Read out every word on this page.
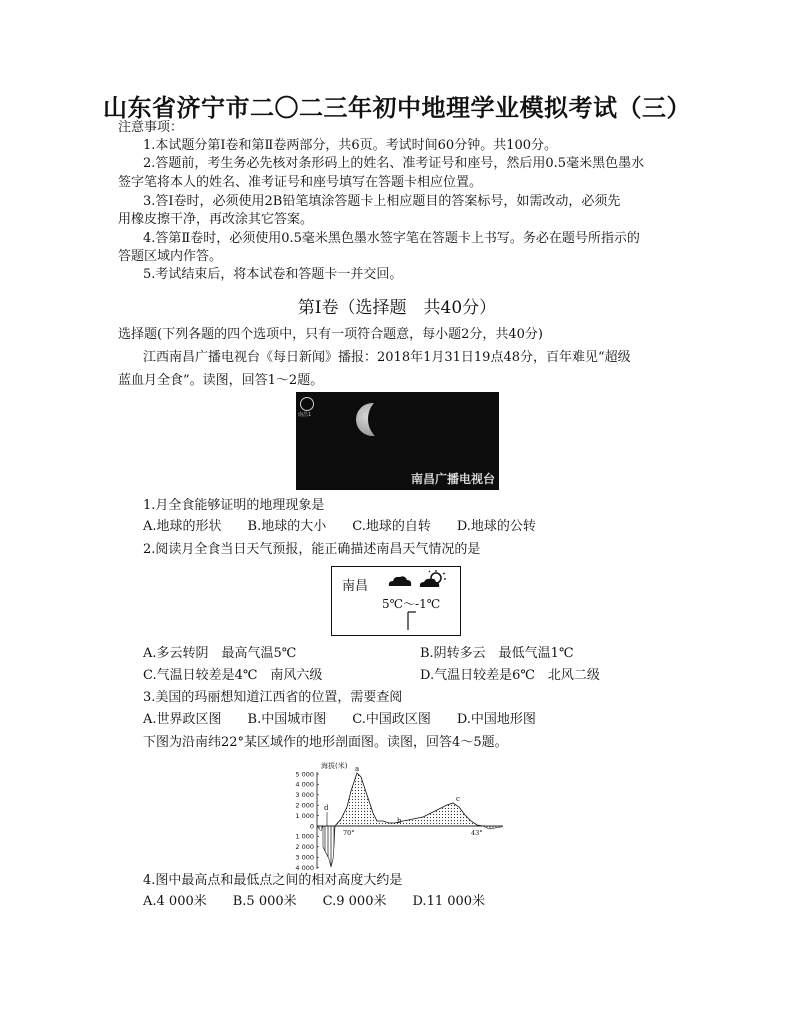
山东省济宁市二〇二三年初中地理学业模拟考试（三）
注意事项：
1.本试题分第Ⅰ卷和第Ⅱ卷两部分，共6页。考试时间60分钟。共100分。
2.答题前，考生务必先核对条形码上的姓名、准考证号和座号，然后用0.5毫米黑色墨水
签字笔将本人的姓名、准考证号和座号填写在答题卡相应位置。
3.答Ⅰ卷时，必须使用2B铅笔填涂答题卡上相应题目的答案标号，如需改动，必须先
用橡皮擦干净，再改涂其它答案。
4.答第Ⅱ卷时，必须使用0.5毫米黑色墨水签字笔在答题卡上书写。务必在题号所指示的
答题区域内作答。
5.考试结束后，将本试卷和答题卡一并交回。
第Ⅰ卷（选择题　共40分）
选择题(下列各题的四个选项中，只有一项符合题意，每小题2分，共40分)
江西南昌广播电视台《每日新闻》播报：2018年1月31日19点48分，百年难见“超级
蓝血月全食”。读图，回答1～2题。
南昌1
南昌广播电视台
1.月全食能够证明的地理现象是
A.地球的形状　　B.地球的大小　　C.地球的自转　　D.地球的公转
2.阅读月全食当日天气预报，能正确描述南昌天气情况的是
南昌
5℃～-1℃
A.多云转阴　最高气温5℃	B.阴转多云　最低气温1℃
C.气温日较差是4℃　南风六级	D.气温日较差是6℃　北风二级
3.美国的玛丽想知道江西省的位置，需要查阅
A.世界政区图　　B.中国城市图　　C.中国政区图　　D.中国地形图
下图为沿南纬22°某区域作的地形剖面图。读图，回答4～5题。
海拔(米)
5 000
4 000
3 000
2 000
1 000
0
1 000
2 000
3 000
4 000
a
b
c
d
70°	43°
4.图中最高点和最低点之间的相对高度大约是
A.4 000米　　B.5 000米　　C.9 000米　　D.11 000米
